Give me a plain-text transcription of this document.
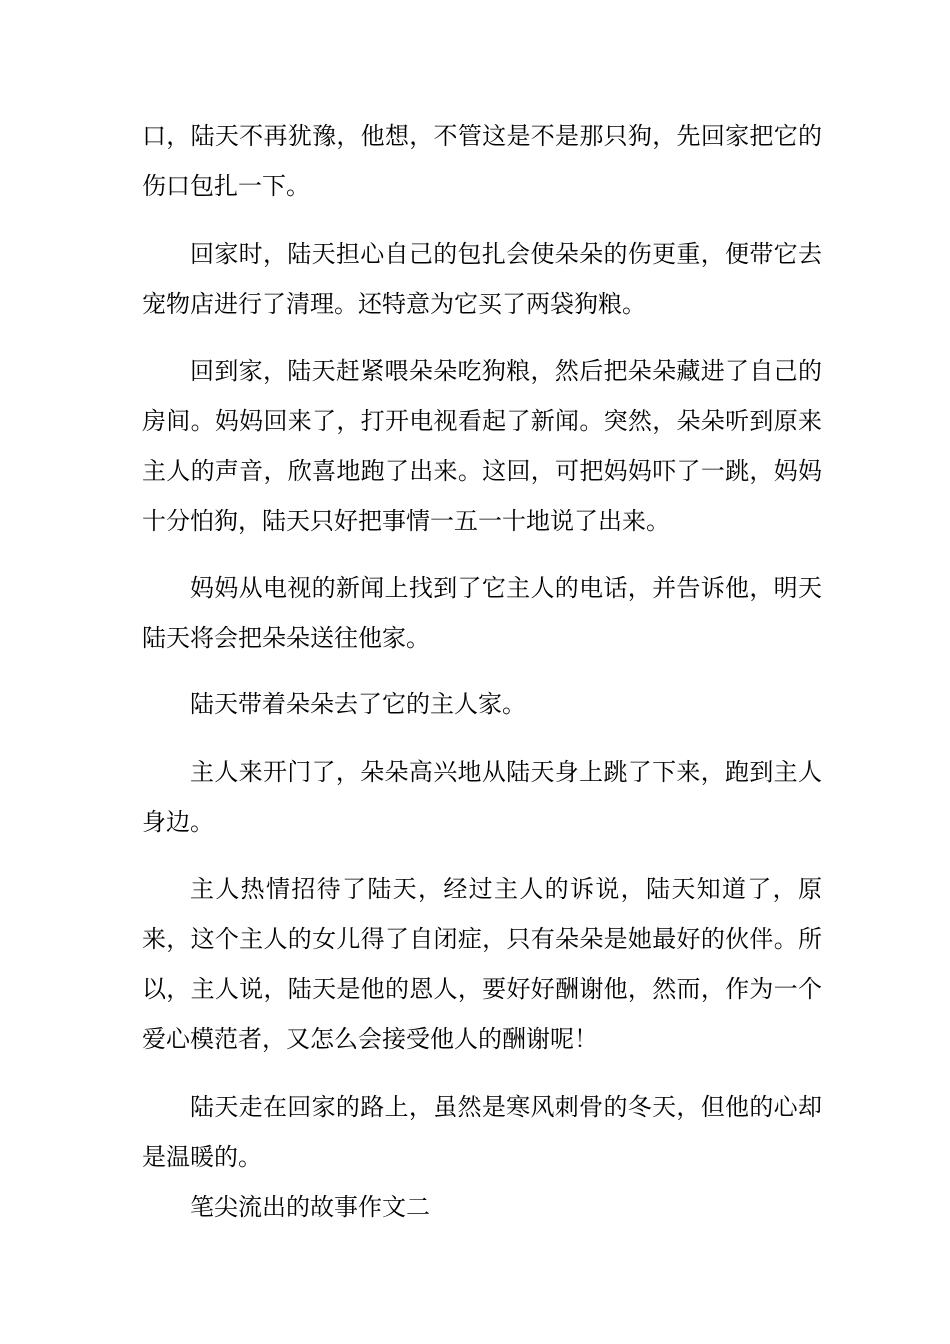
口，陆天不再犹豫，他想，不管这是不是那只狗，先回家把它的伤口包扎一下。

回家时，陆天担心自己的包扎会使朵朵的伤更重，便带它去宠物店进行了清理。还特意为它买了两袋狗粮。

回到家，陆天赶紧喂朵朵吃狗粮，然后把朵朵藏进了自己的房间。妈妈回来了，打开电视看起了新闻。突然，朵朵听到原来主人的声音，欣喜地跑了出来。这回，可把妈妈吓了一跳，妈妈十分怕狗，陆天只好把事情一五一十地说了出来。

妈妈从电视的新闻上找到了它主人的电话，并告诉他，明天陆天将会把朵朵送往他家。

陆天带着朵朵去了它的主人家。

主人来开门了，朵朵高兴地从陆天身上跳了下来，跑到主人身边。

主人热情招待了陆天，经过主人的诉说，陆天知道了，原来，这个主人的女儿得了自闭症，只有朵朵是她最好的伙伴。所以，主人说，陆天是他的恩人，要好好酬谢他，然而，作为一个爱心模范者，又怎么会接受他人的酬谢呢！

陆天走在回家的路上，虽然是寒风刺骨的冬天，但他的心却是温暖的。

笔尖流出的故事作文二
